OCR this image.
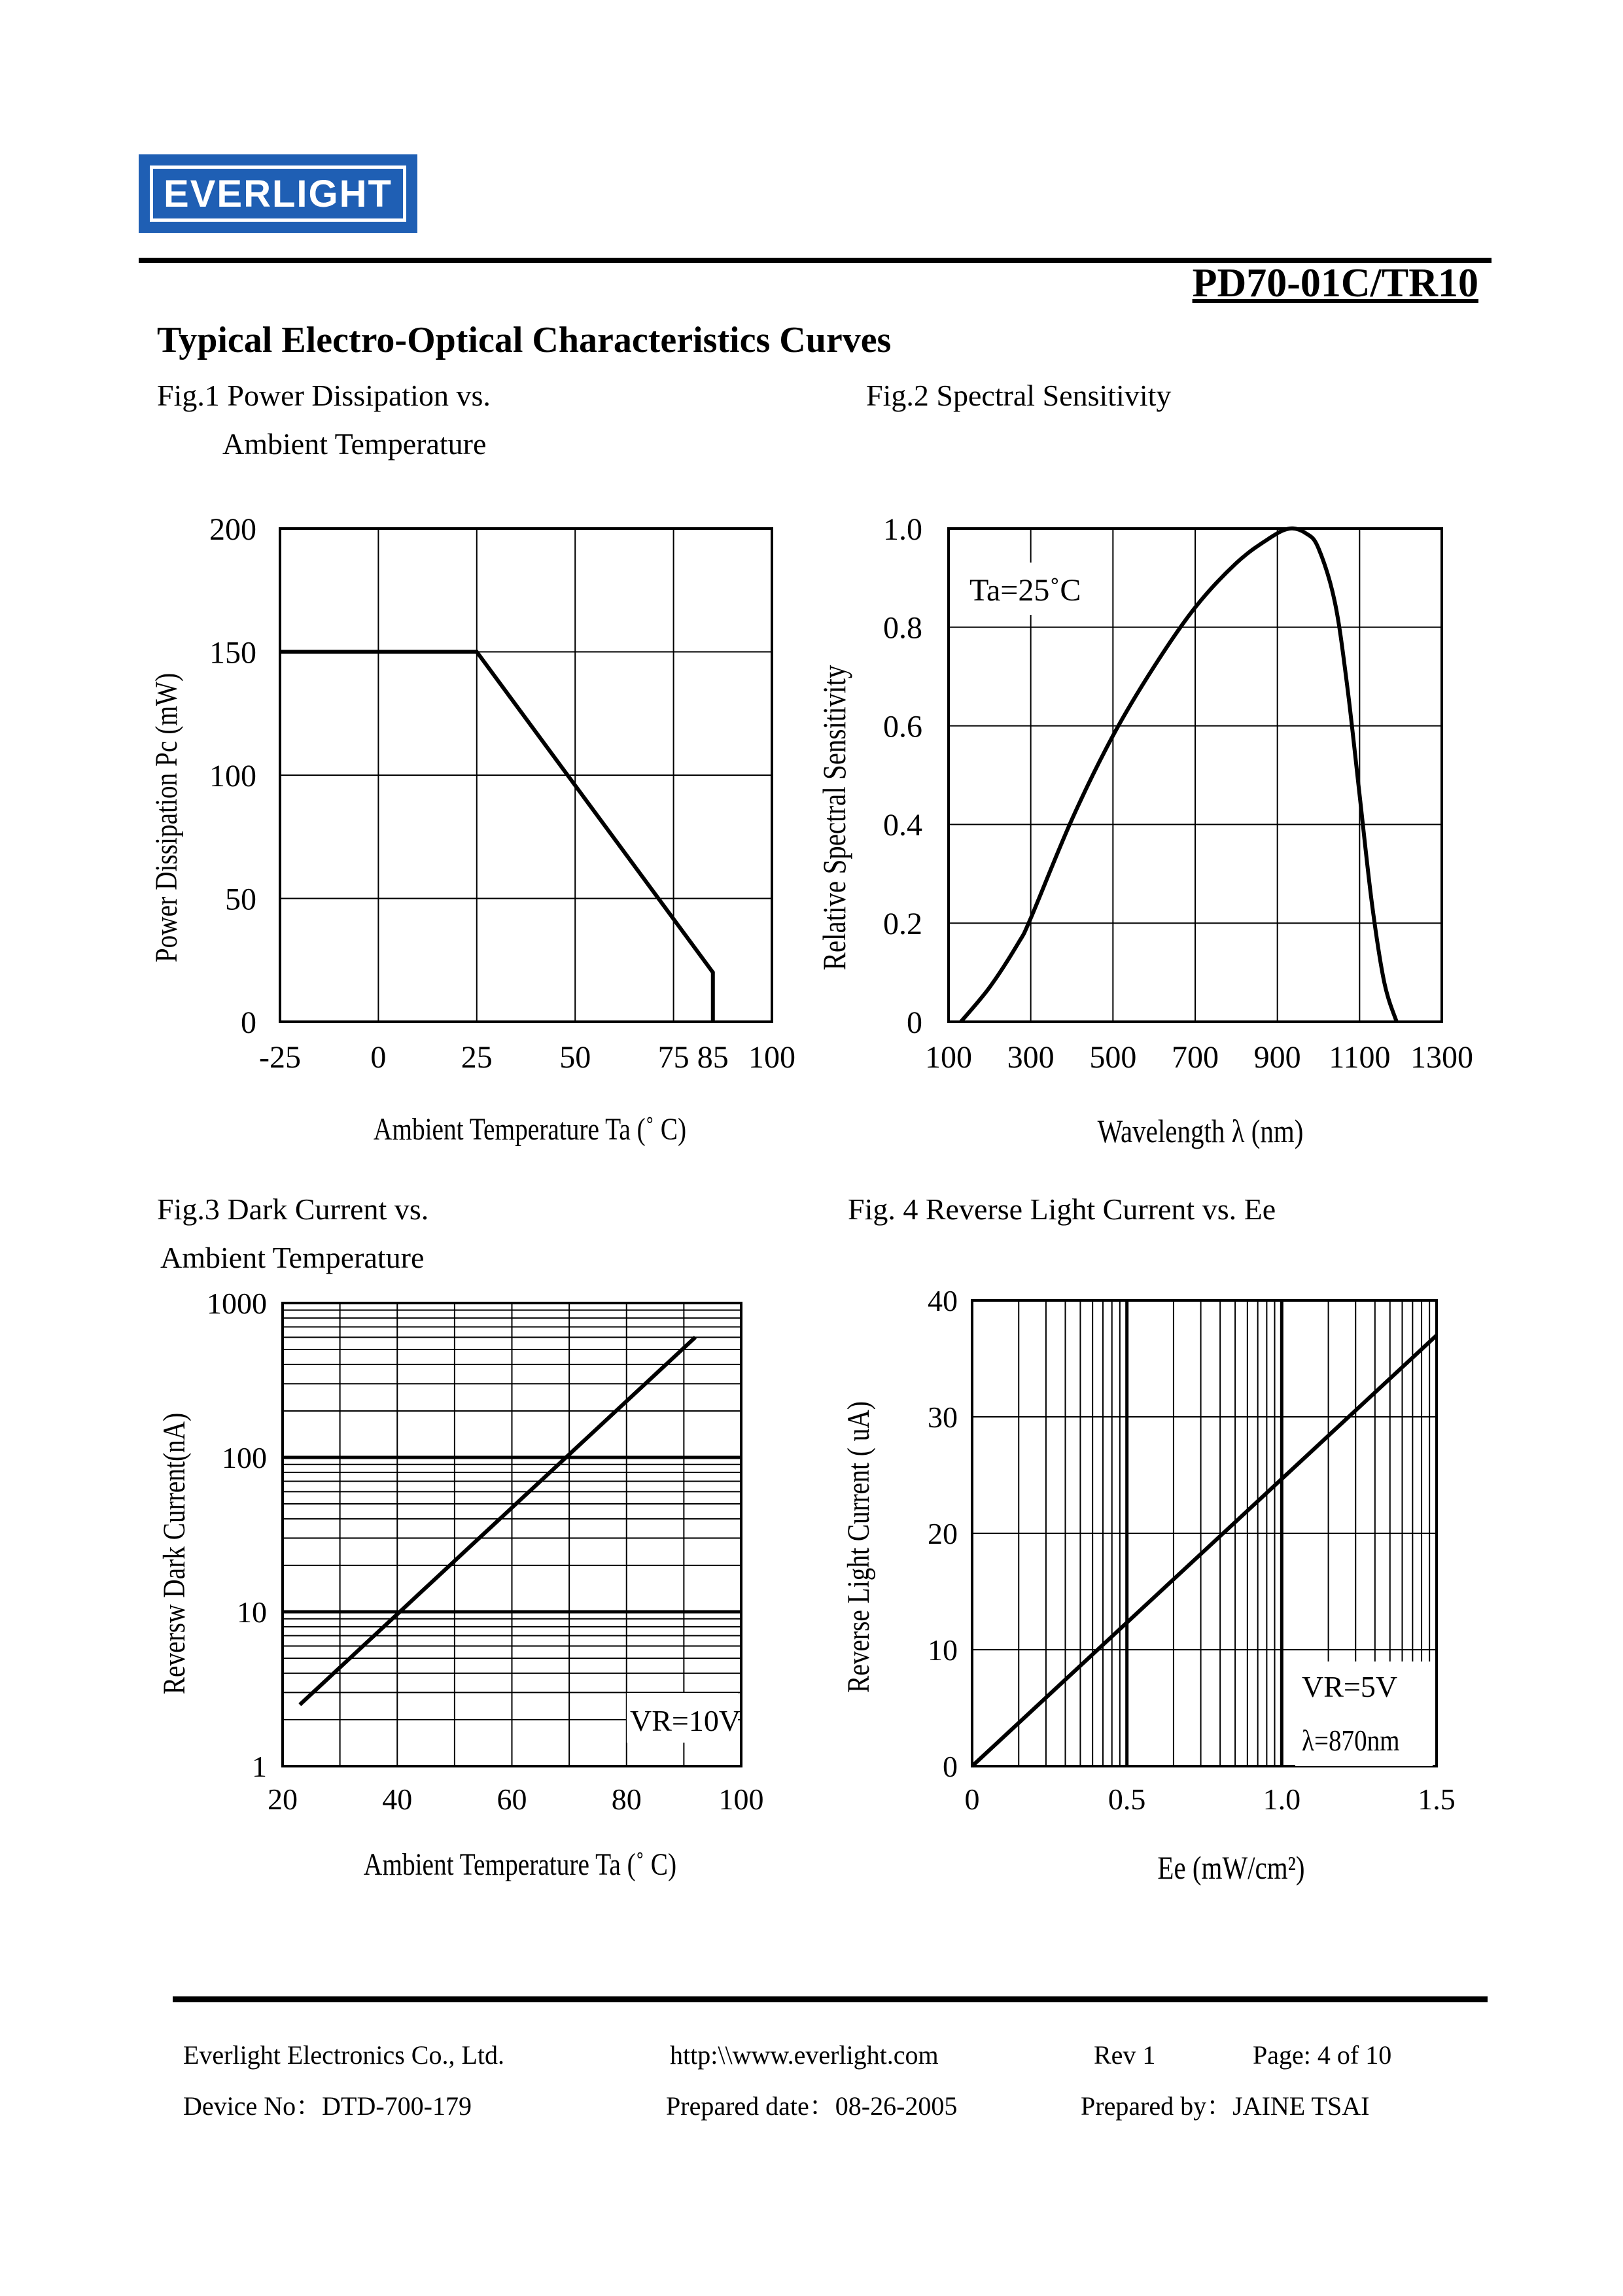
EVERLIGHT
PD70-01C/TR10
Typical Electro-Optical Characteristics Curves
Fig.1 Power Dissipation vs.
Ambient Temperature
Fig.2 Spectral Sensitivity
Fig.3 Dark Current vs.
Ambient Temperature
Fig. 4 Reverse Light Current vs. Ee
-25 0 25 50 75 85 100
0
50
100
150
200
Ambient Temperature Ta (˚ C)
Power Dissipation Pc (mW)
100 300 500 700 900 1100 1300
0
0.2
0.4
0.6
0.8
1.0
Ta=25˚C
Wavelength λ (nm)
Relative Spectral Sensitivity
20	40	60	80	100
1
10
100
1000
VR=10V
Ambient Temperature Ta (˚ C)
Reversw Dark Current(nA)
0	0.5	1.0	1.5
0
10
20
30
40
VR=5V
λ=870nm
Ee (mW/cm²)
Reverse Light Current ( uA)
Everlight Electronics Co., Ltd.	http:\\www.everlight.com	Rev 1	Page: 4 of 10
Device No：DTD-700-179	Prepared date：08-26-2005	Prepared by：JAINE TSAI
